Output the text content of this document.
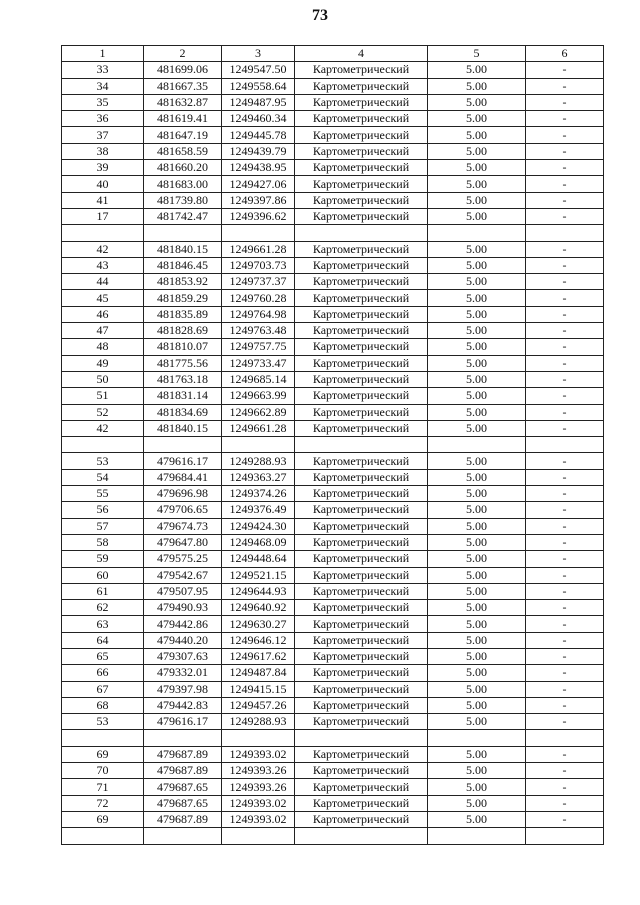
73
1	2	3	4	5	6
33	481699.06	1249547.50	Картометрический	5.00	-
34	481667.35	1249558.64	Картометрический	5.00	-
35	481632.87	1249487.95	Картометрический	5.00	-
36	481619.41	1249460.34	Картометрический	5.00	-
37	481647.19	1249445.78	Картометрический	5.00	-
38	481658.59	1249439.79	Картометрический	5.00	-
39	481660.20	1249438.95	Картометрический	5.00	-
40	481683.00	1249427.06	Картометрический	5.00	-
41	481739.80	1249397.86	Картометрический	5.00	-
17	481742.47	1249396.62	Картометрический	5.00	-

42	481840.15	1249661.28	Картометрический	5.00	-
43	481846.45	1249703.73	Картометрический	5.00	-
44	481853.92	1249737.37	Картометрический	5.00	-
45	481859.29	1249760.28	Картометрический	5.00	-
46	481835.89	1249764.98	Картометрический	5.00	-
47	481828.69	1249763.48	Картометрический	5.00	-
48	481810.07	1249757.75	Картометрический	5.00	-
49	481775.56	1249733.47	Картометрический	5.00	-
50	481763.18	1249685.14	Картометрический	5.00	-
51	481831.14	1249663.99	Картометрический	5.00	-
52	481834.69	1249662.89	Картометрический	5.00	-
42	481840.15	1249661.28	Картометрический	5.00	-

53	479616.17	1249288.93	Картометрический	5.00	-
54	479684.41	1249363.27	Картометрический	5.00	-
55	479696.98	1249374.26	Картометрический	5.00	-
56	479706.65	1249376.49	Картометрический	5.00	-
57	479674.73	1249424.30	Картометрический	5.00	-
58	479647.80	1249468.09	Картометрический	5.00	-
59	479575.25	1249448.64	Картометрический	5.00	-
60	479542.67	1249521.15	Картометрический	5.00	-
61	479507.95	1249644.93	Картометрический	5.00	-
62	479490.93	1249640.92	Картометрический	5.00	-
63	479442.86	1249630.27	Картометрический	5.00	-
64	479440.20	1249646.12	Картометрический	5.00	-
65	479307.63	1249617.62	Картометрический	5.00	-
66	479332.01	1249487.84	Картометрический	5.00	-
67	479397.98	1249415.15	Картометрический	5.00	-
68	479442.83	1249457.26	Картометрический	5.00	-
53	479616.17	1249288.93	Картометрический	5.00	-

69	479687.89	1249393.02	Картометрический	5.00	-
70	479687.89	1249393.26	Картометрический	5.00	-
71	479687.65	1249393.26	Картометрический	5.00	-
72	479687.65	1249393.02	Картометрический	5.00	-
69	479687.89	1249393.02	Картометрический	5.00	-
